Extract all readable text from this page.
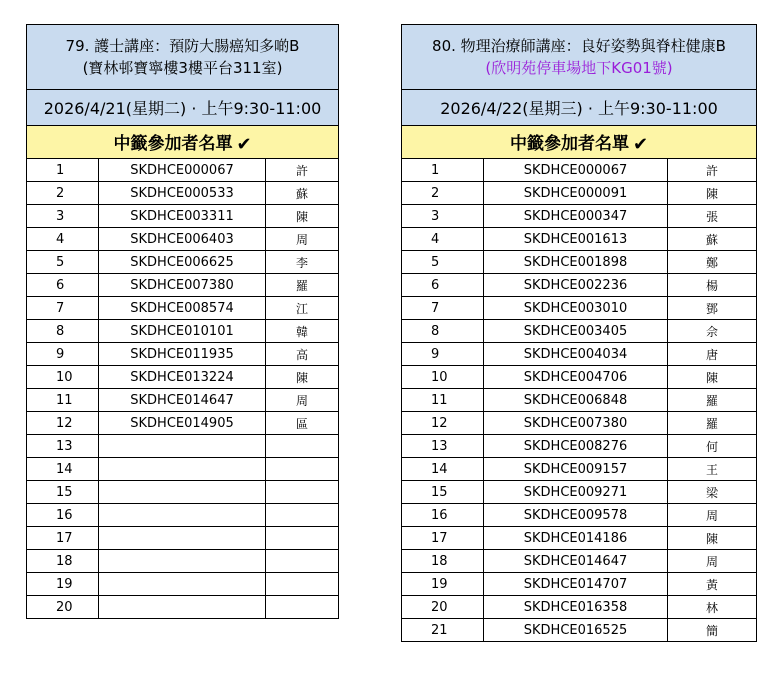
79. 護士講座：預防大腸癌知多啲B
(寶林邨寶寧樓3樓平台311室)		

2026/4/21(星期二) · 上午9:30-11:00		
中籤參加者名單 ✔		
1	SKDHCE000067	許
2	SKDHCE000533	蘇
3	SKDHCE003311	陳
4	SKDHCE006403	周
5	SKDHCE006625	李
6	SKDHCE007380	羅
7	SKDHCE008574	江
8	SKDHCE010101	韓
9	SKDHCE011935	高
10	SKDHCE013224	陳
11	SKDHCE014647	周
12	SKDHCE014905	區
13		
14		
15		
16		
17		
18		
19		
20		
80. 物理治療師講座：良好姿勢與脊柱健康B
(欣明苑停車場地下KG01號)		

2026/4/22(星期三) · 上午9:30-11:00		
中籤參加者名單 ✔		
1	SKDHCE000067	許
2	SKDHCE000091	陳
3	SKDHCE000347	張
4	SKDHCE001613	蘇
5	SKDHCE001898	鄭
6	SKDHCE002236	楊
7	SKDHCE003010	鄧
8	SKDHCE003405	佘
9	SKDHCE004034	唐
10	SKDHCE004706	陳
11	SKDHCE006848	羅
12	SKDHCE007380	羅
13	SKDHCE008276	何
14	SKDHCE009157	王
15	SKDHCE009271	梁
16	SKDHCE009578	周
17	SKDHCE014186	陳
18	SKDHCE014647	周
19	SKDHCE014707	黃
20	SKDHCE016358	林
21	SKDHCE016525	簡
